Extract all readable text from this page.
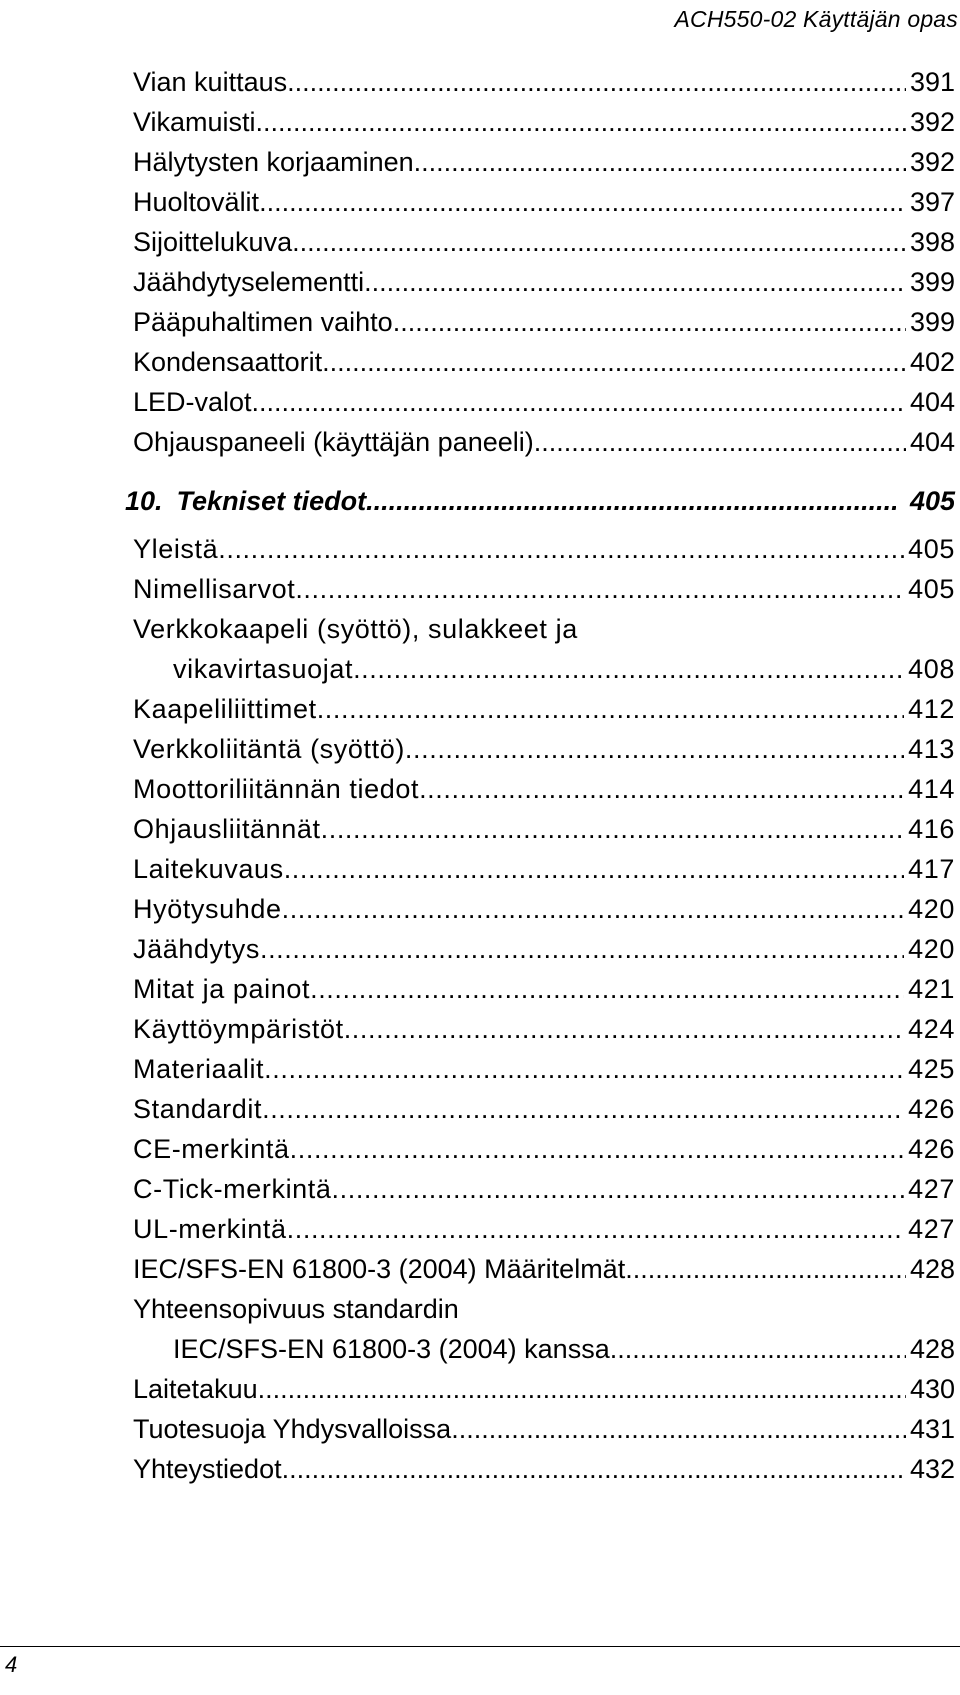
ACH550-02 Käyttäjän opas
Vian kuittaus .....	391
Vikamuisti .....	392
Hälytysten korjaaminen .....	392
Huoltovälit .....	397
Sijoittelukuva .....	398
Jäähdytyselementti .....	399
Pääpuhaltimen vaihto .....	399
Kondensaattorit .....	402
LED-valot .....	404
Ohjauspaneeli (käyttäjän paneeli) .....	404
10. Tekniset tiedot .....	405
Yleistä .....	405
Nimellisarvot .....	405
Verkkokaapeli (syöttö), sulakkeet ja
vikavirtasuojat .....	408
Kaapeliliittimet .....	412
Verkkoliitäntä (syöttö) .....	413
Moottoriliitännän tiedot .....	414
Ohjausliitännät .....	416
Laitekuvaus .....	417
Hyötysuhde .....	420
Jäähdytys .....	420
Mitat ja painot .....	421
Käyttöympäristöt .....	424
Materiaalit .....	425
Standardit .....	426
CE-merkintä .....	426
C-Tick-merkintä .....	427
UL-merkintä .....	427
IEC/SFS-EN 61800-3 (2004) Määritelmät .....	428
Yhteensopivuus standardin
IEC/SFS-EN 61800-3 (2004) kanssa .....	428
Laitetakuu .....	430
Tuotesuoja Yhdysvalloissa .....	431
Yhteystiedot .....	432
4
